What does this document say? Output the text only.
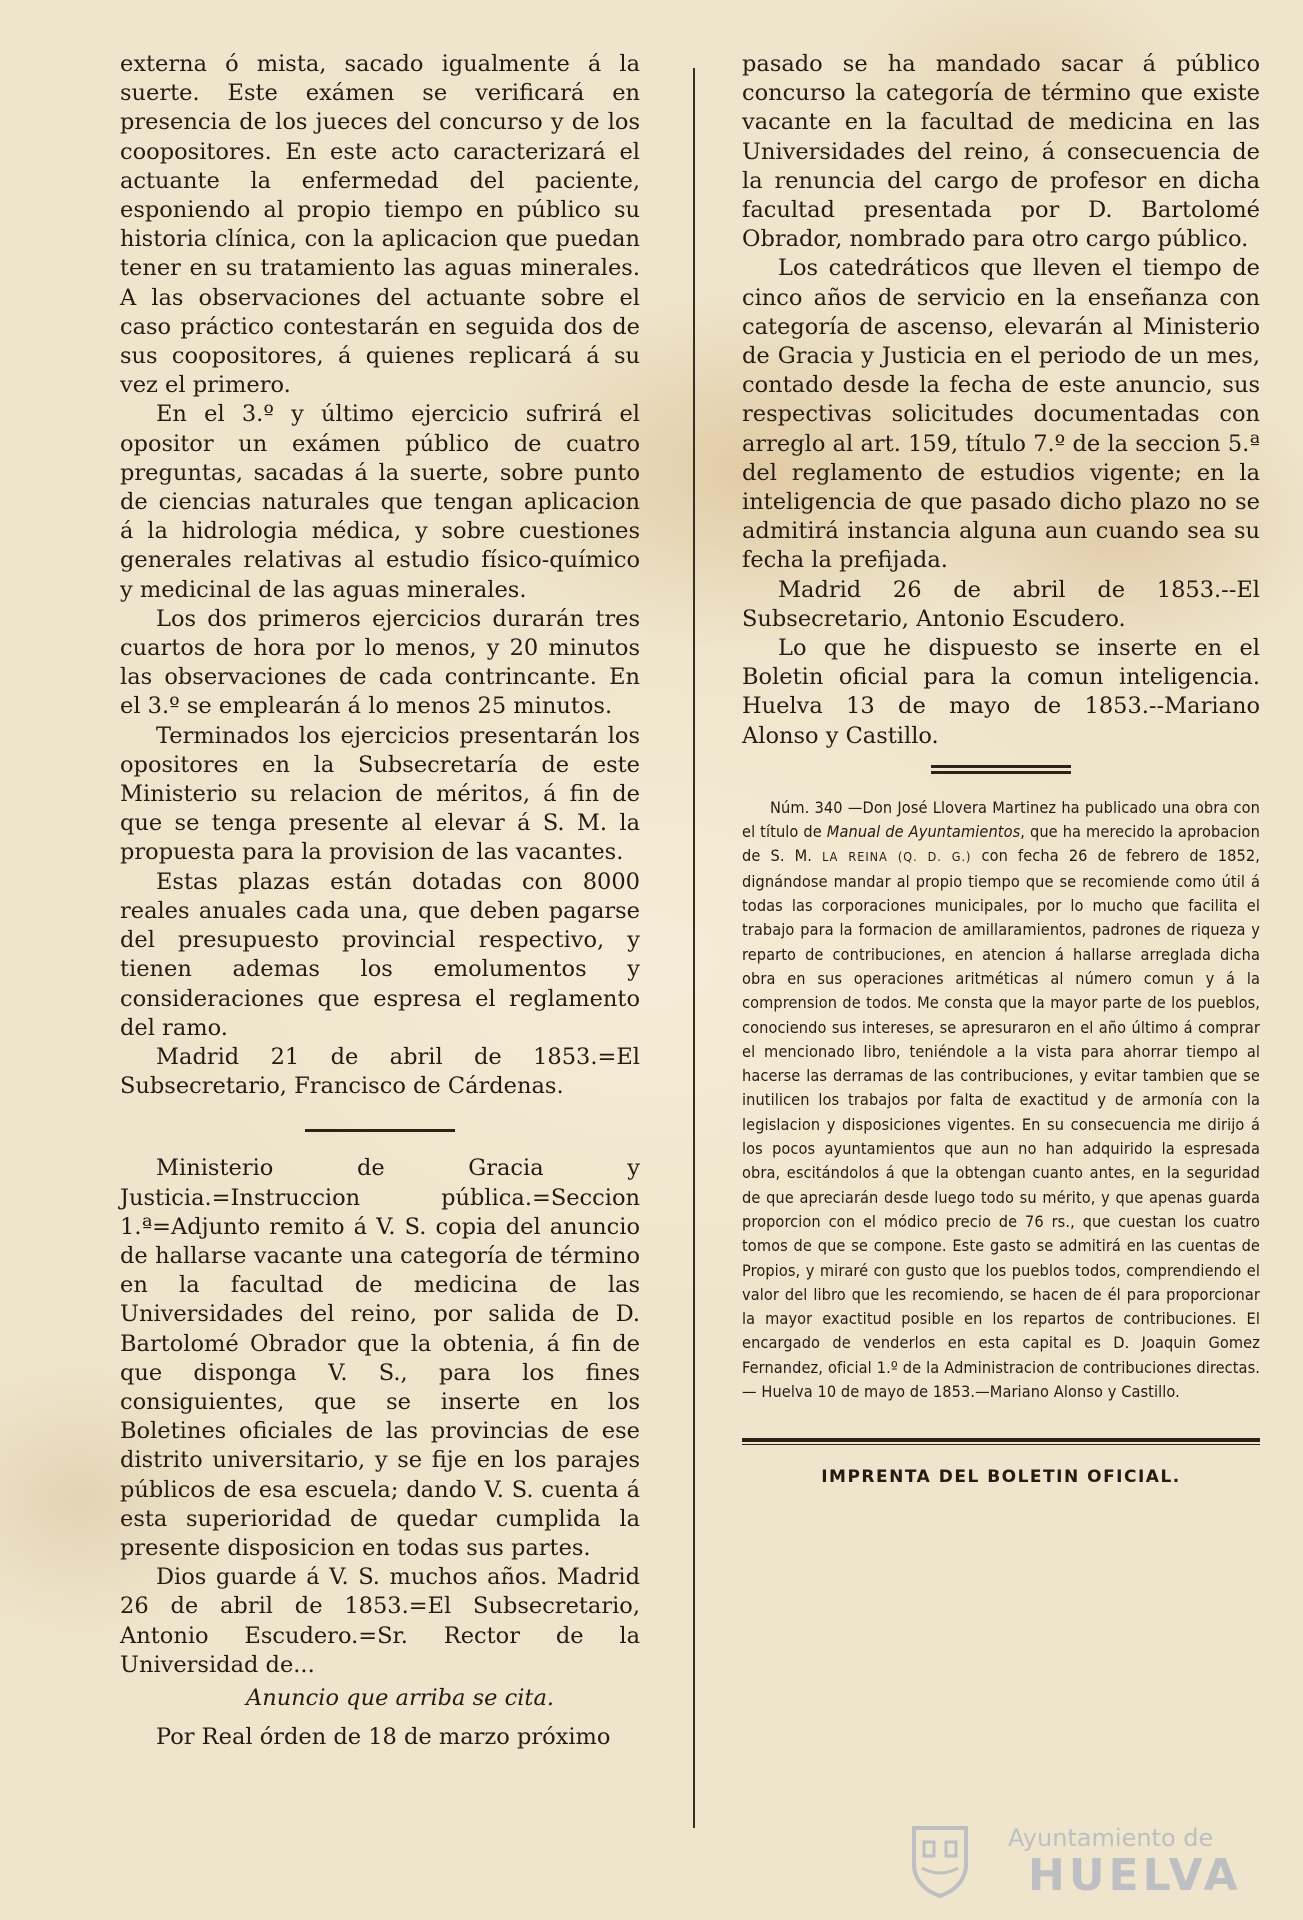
externa ó mista, sacado igualmente á la suerte. Este exámen se verificará en presencia de los jueces del concurso y de los coopositores. En este acto caracterizará el actuante la enfermedad del paciente, esponiendo al propio tiempo en público su historia clínica, con la aplicacion que puedan tener en su tratamiento las aguas minerales. A las observaciones del actuante sobre el caso práctico contestarán en seguida dos de sus coopositores, á quienes replicará á su vez el primero.

En el 3.º y último ejercicio sufrirá el opositor un exámen público de cuatro preguntas, sacadas á la suerte, sobre punto de ciencias naturales que tengan aplicacion á la hidrologia médica, y sobre cuestiones generales relativas al estudio físico-químico y medicinal de las aguas minerales.

Los dos primeros ejercicios durarán tres cuartos de hora por lo menos, y 20 minutos las observaciones de cada contrincante. En el 3.º se emplearán á lo menos 25 minutos.

Terminados los ejercicios presentarán los opositores en la Subsecretaría de este Ministerio su relacion de méritos, á fin de que se tenga presente al elevar á S. M. la propuesta para la provision de las vacantes.

Estas plazas están dotadas con 8000 reales anuales cada una, que deben pagarse del presupuesto provincial respectivo, y tienen ademas los emolumentos y consideraciones que espresa el reglamento del ramo.

Madrid 21 de abril de 1853.=El Subsecretario, Francisco de Cárdenas.

Ministerio de Gracia y Justicia.=Instruccion pública.=Seccion 1.ª=Adjunto remito á V. S. copia del anuncio de hallarse vacante una categoría de término en la facultad de medicina de las Universidades del reino, por salida de D. Bartolomé Obrador que la obtenia, á fin de que disponga V. S., para los fines consiguientes, que se inserte en los Boletines oficiales de las provincias de ese distrito universitario, y se fije en los parajes públicos de esa escuela; dando V. S. cuenta á esta superioridad de quedar cumplida la presente disposicion en todas sus partes.

Dios guarde á V. S. muchos años. Madrid 26 de abril de 1853.=El Subsecretario, Antonio Escudero.=Sr. Rector de la Universidad de...

Anuncio que arriba se cita.

Por Real órden de 18 de marzo próximo

pasado se ha mandado sacar á público concurso la categoría de término que existe vacante en la facultad de medicina en las Universidades del reino, á consecuencia de la renuncia del cargo de profesor en dicha facultad presentada por D. Bartolomé Obrador, nombrado para otro cargo público.

Los catedráticos que lleven el tiempo de cinco años de servicio en la enseñanza con categoría de ascenso, elevarán al Ministerio de Gracia y Justicia en el periodo de un mes, contado desde la fecha de este anuncio, sus respectivas solicitudes documentadas con arreglo al art. 159, título 7.º de la seccion 5.ª del reglamento de estudios vigente; en la inteligencia de que pasado dicho plazo no se admitirá instancia alguna aun cuando sea su fecha la prefijada.

Madrid 26 de abril de 1853.--El Subsecretario, Antonio Escudero.

Lo que he dispuesto se inserte en el Boletin oficial para la comun inteligencia. Huelva 13 de mayo de 1853.--Mariano Alonso y Castillo.

Núm. 340 —Don José Llovera Martinez ha publicado una obra con el título de Manual de Ayuntamientos, que ha merecido la aprobacion de S. M. LA REINA (Q. D. G.) con fecha 26 de febrero de 1852, dignándose mandar al propio tiempo que se recomiende como útil á todas las corporaciones municipales, por lo mucho que facilita el trabajo para la formacion de amillaramientos, padrones de riqueza y reparto de contribuciones, en atencion á hallarse arreglada dicha obra en sus operaciones aritméticas al número comun y á la comprension de todos. Me consta que la mayor parte de los pueblos, conociendo sus intereses, se apresuraron en el año último á comprar el mencionado libro, teniéndole a la vista para ahorrar tiempo al hacerse las derramas de las contribuciones, y evitar tambien que se inutilicen los trabajos por falta de exactitud y de armonía con la legislacion y disposiciones vigentes. En su consecuencia me dirijo á los pocos ayuntamientos que aun no han adquirido la espresada obra, escitándolos á que la obtengan cuanto antes, en la seguridad de que apreciarán desde luego todo su mérito, y que apenas guarda proporcion con el módico precio de 76 rs., que cuestan los cuatro tomos de que se compone. Este gasto se admitirá en las cuentas de Propios, y miraré con gusto que los pueblos todos, comprendiendo el valor del libro que les recomiendo, se hacen de él para proporcionar la mayor exactitud posible en los repartos de contribuciones. El encargado de venderlos en esta capital es D. Joaquin Gomez Fernandez, oficial 1.º de la Administracion de contribuciones directas.— Huelva 10 de mayo de 1853.—Mariano Alonso y Castillo.

IMPRENTA DEL BOLETIN OFICIAL.
Ayuntamiento de
HUELVA
